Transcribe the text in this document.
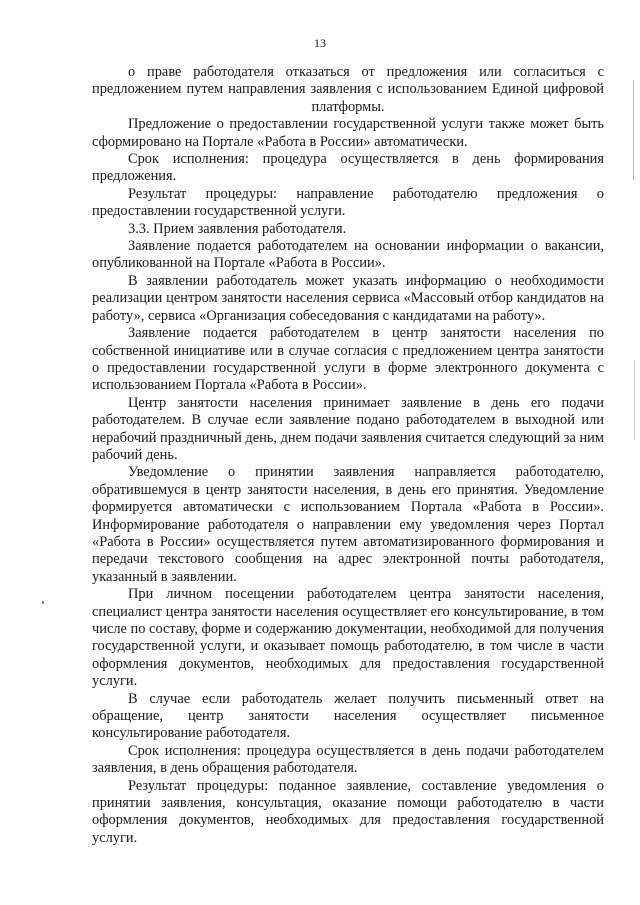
13

о праве работодателя отказаться от предложения или согласиться с предложением путем направления заявления с использованием Единой цифровой платформы.

Предложение о предоставлении государственной услуги также может быть сформировано на Портале «Работа в России» автоматически.

Срок исполнения: процедура осуществляется в день формирования предложения.

Результат процедуры: направление работодателю предложения о предоставлении государственной услуги.

3.3. Прием заявления работодателя.

Заявление подается работодателем на основании информации о вакансии, опубликованной на Портале «Работа в России».

В заявлении работодатель может указать информацию о необходимости реализации центром занятости населения сервиса «Массовый отбор кандидатов на работу», сервиса «Организация собеседования с кандидатами на работу».

Заявление подается работодателем в центр занятости населения по собственной инициативе или в случае согласия с предложением центра занятости о предоставлении государственной услуги в форме электронного документа с использованием Портала «Работа в России».

Центр занятости населения принимает заявление в день его подачи работодателем. В случае если заявление подано работодателем в выходной или нерабочий праздничный день, днем подачи заявления считается следующий за ним рабочий день.

Уведомление о принятии заявления направляется работодателю, обратившемуся в центр занятости населения, в день его принятия. Уведомление формируется автоматически с использованием Портала «Работа в России». Информирование работодателя о направлении ему уведомления через Портал «Работа в России» осуществляется путем автоматизированного формирования и передачи текстового сообщения на адрес электронной почты работодателя, указанный в заявлении.

При личном посещении работодателем центра занятости населения, специалист центра занятости населения осуществляет его консультирование, в том числе по составу, форме и содержанию документации, необходимой для получения государственной услуги, и оказывает помощь работодателю, в том числе в части оформления документов, необходимых для предоставления государственной услуги.

В случае если работодатель желает получить письменный ответ на обращение, центр занятости населения осуществляет письменное консультирование работодателя.

Срок исполнения: процедура осуществляется в день подачи работодателем заявления, в день обращения работодателя.

Результат процедуры: поданное заявление, составление уведомления о принятии заявления, консультация, оказание помощи работодателю в части оформления документов, необходимых для предоставления государственной услуги.
